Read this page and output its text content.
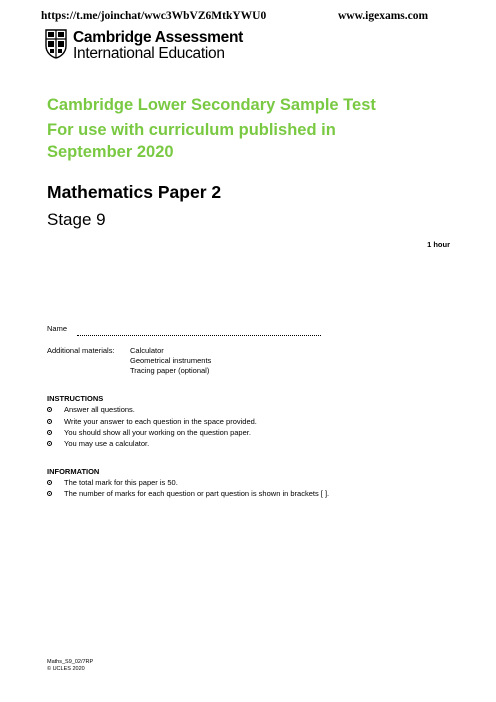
https://t.me/joinchat/wwc3WbVZ6MtkYWU0	www.igexams.com
Cambridge Assessment
International Education
Cambridge Lower Secondary Sample Test
For use with curriculum published in
September 2020
Mathematics Paper 2
Stage 9
1 hour
Name
Additional materials: Calculator
Geometrical instruments
Tracing paper (optional)
INSTRUCTIONS
Answer all questions.
Write your answer to each question in the space provided.
You should show all your working on the question paper.
You may use a calculator.
INFORMATION
The total mark for this paper is 50.
The number of marks for each question or part question is shown in brackets [ ].
Maths_S9_02/7RP
© UCLES 2020
